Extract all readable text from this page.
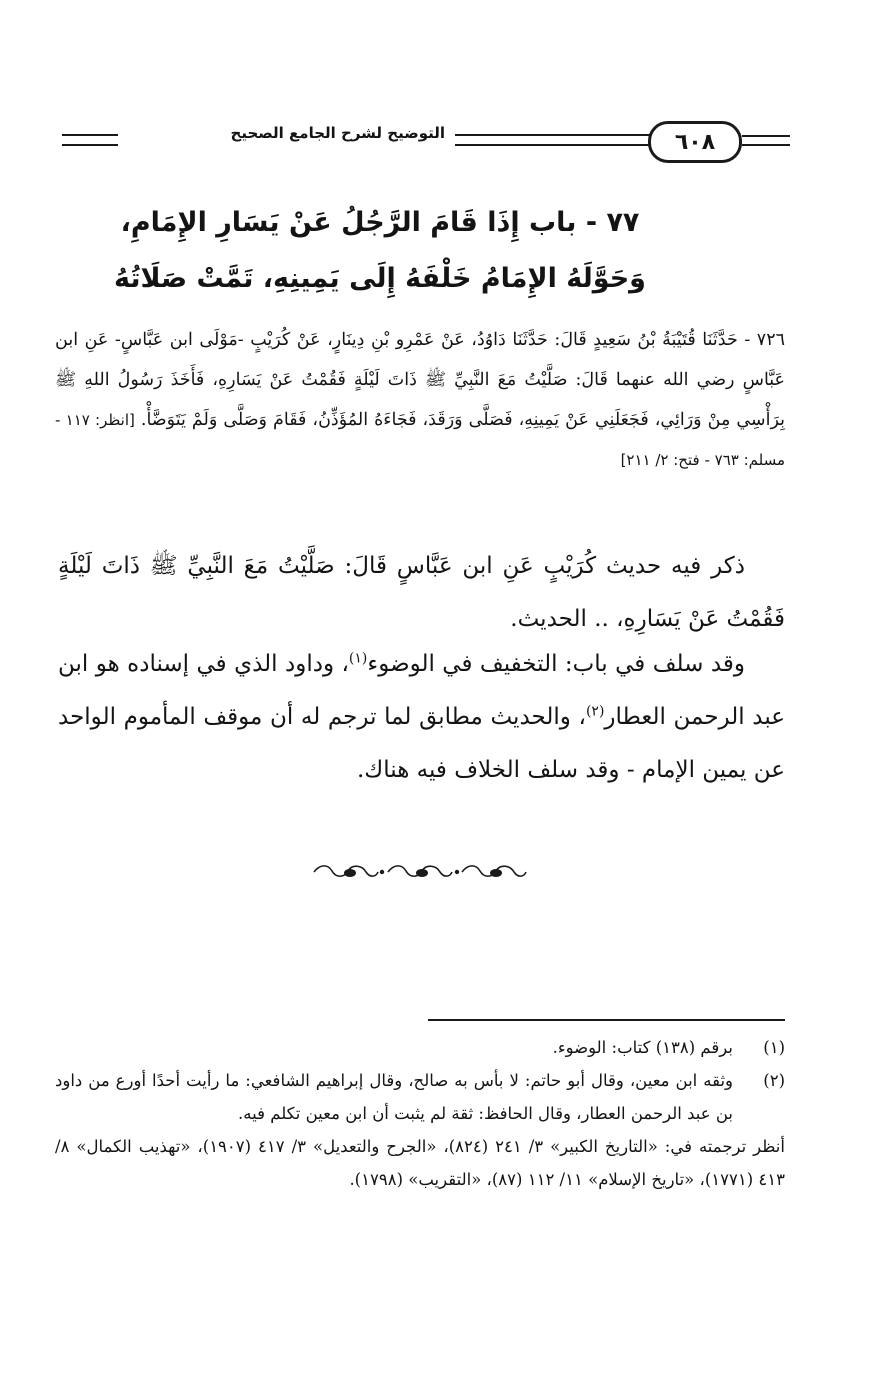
٦٠٨
التوضيح لشرح الجامع الصحيح
٧٧ - باب إِذَا قَامَ الرَّجُلُ عَنْ يَسَارِ الإِمَامِ،
وَحَوَّلَهُ الإِمَامُ خَلْفَهُ إِلَى يَمِينِهِ، تَمَّتْ صَلَاتُهُ
٧٢٦ - حَدَّثَنَا قُتَيْبَةُ بْنُ سَعِيدٍ قَالَ: حَدَّثَنَا دَاوُدُ، عَنْ عَمْرِو بْنِ دِينَارٍ، عَنْ كُرَيْبٍ -مَوْلَى ابن عَبَّاسٍ- عَنِ ابن عَبَّاسٍ رضي الله عنهما قَالَ: صَلَّيْتُ مَعَ النَّبِيِّ ﷺ ذَاتَ لَيْلَةٍ فَقُمْتُ عَنْ يَسَارِهِ، فَأَخَذَ رَسُولُ اللهِ ﷺ بِرَأْسِي مِنْ وَرَائِي، فَجَعَلَنِي عَنْ يَمِينِهِ، فَصَلَّى وَرَقَدَ، فَجَاءَهُ المُؤَذِّنُ، فَقَامَ وَصَلَّى وَلَمْ يَتَوَضَّأْ. [انظر: ١١٧ - مسلم: ٧٦٣ - فتح: ٢/ ٢١١]
ذكر فيه حديث كُرَيْبٍ عَنِ ابن عَبَّاسٍ قَالَ: صَلَّيْتُ مَعَ النَّبِيِّ ﷺ ذَاتَ لَيْلَةٍ فَقُمْتُ عَنْ يَسَارِهِ، .. الحديث.
وقد سلف في باب: التخفيف في الوضوء$^{(١)}$، وداود الذي في إسناده هو ابن عبد الرحمن العطار$^{(٢)}$، والحديث مطابق لما ترجم له أن موقف المأموم الواحد عن يمين الإمام - وقد سلف الخلاف فيه هناك.
(١)
برقم (١٣٨) كتاب: الوضوء.
(٢)
وثقه ابن معين، وقال أبو حاتم: لا بأس به صالح، وقال إبراهيم الشافعي: ما رأيت أحدًا أورع من داود بن عبد الرحمن العطار، وقال الحافظ: ثقة لم يثبت أن ابن معين تكلم فيه.
أنظر ترجمته في: «التاريخ الكبير» ٣/ ٢٤١ (٨٢٤)، «الجرح والتعديل» ٣/ ٤١٧ (١٩٠٧)، «تهذيب الكمال» ٨/ ٤١٣ (١٧٧١)، «تاريخ الإسلام» ١١/ ١١٢ (٨٧)، «التقريب» (١٧٩٨).
